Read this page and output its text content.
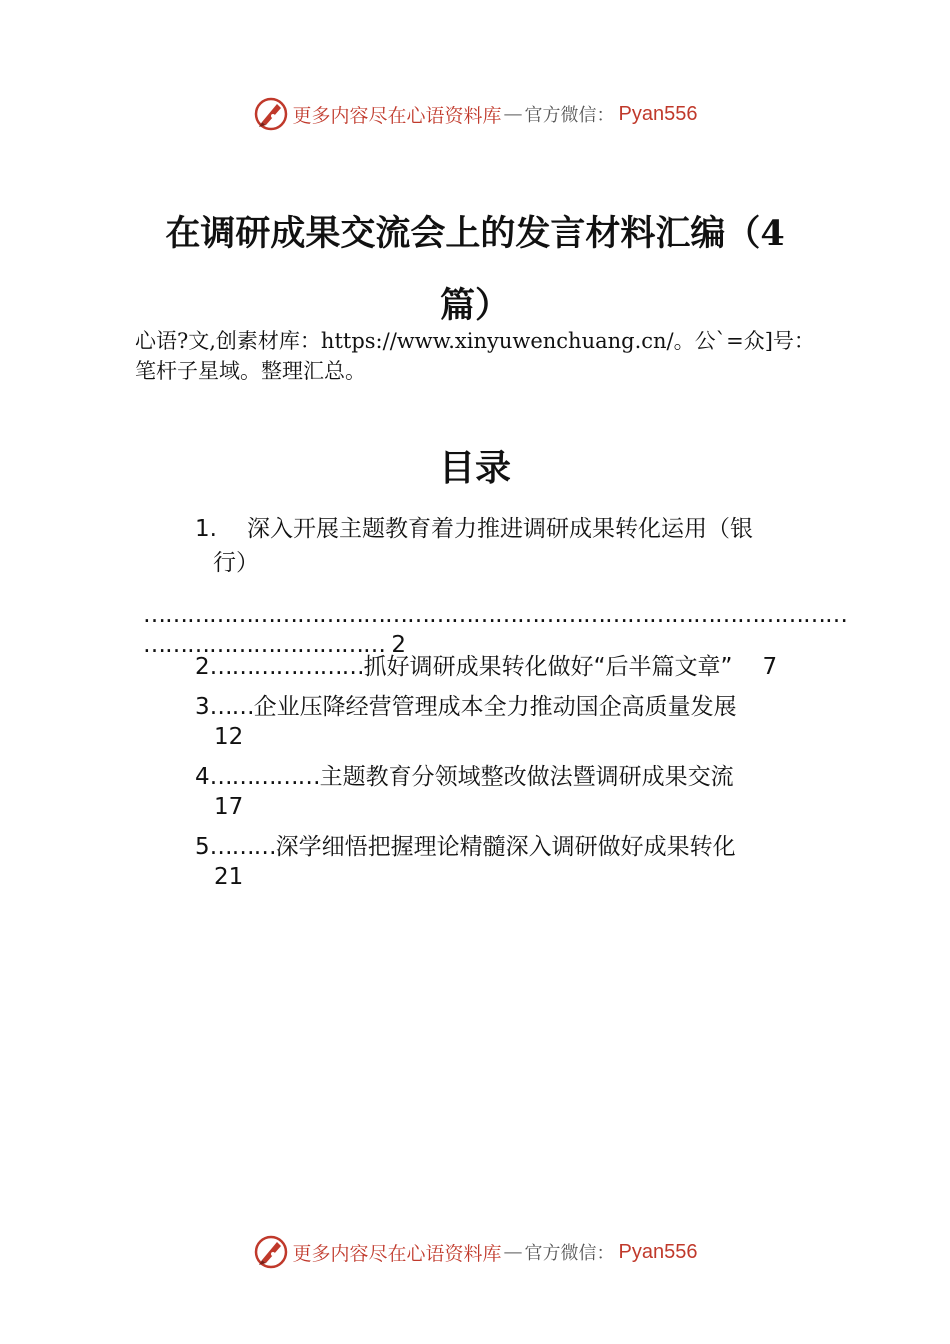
更多内容尽在心语资料库 — 官方微信： Pyan556
在调研成果交流会上的发言材料汇编（4
篇）
心语?文,创素材库：https://www.xinyuwenchuang.cn/。公`=众]号：笔杆子星域。整理汇总。
目录
1. 深入开展主题教育着力推进调研成果转化运用（银
行）
……………………………………………………………………………………
…………………………… 2
2…………………抓好调研成果转化做好“后半篇文章” 7
3……企业压降经营管理成本全力推动国企高质量发展
12
4……………主题教育分领域整改做法暨调研成果交流
17
5………深学细悟把握理论精髓深入调研做好成果转化
21
更多内容尽在心语资料库 — 官方微信： Pyan556
